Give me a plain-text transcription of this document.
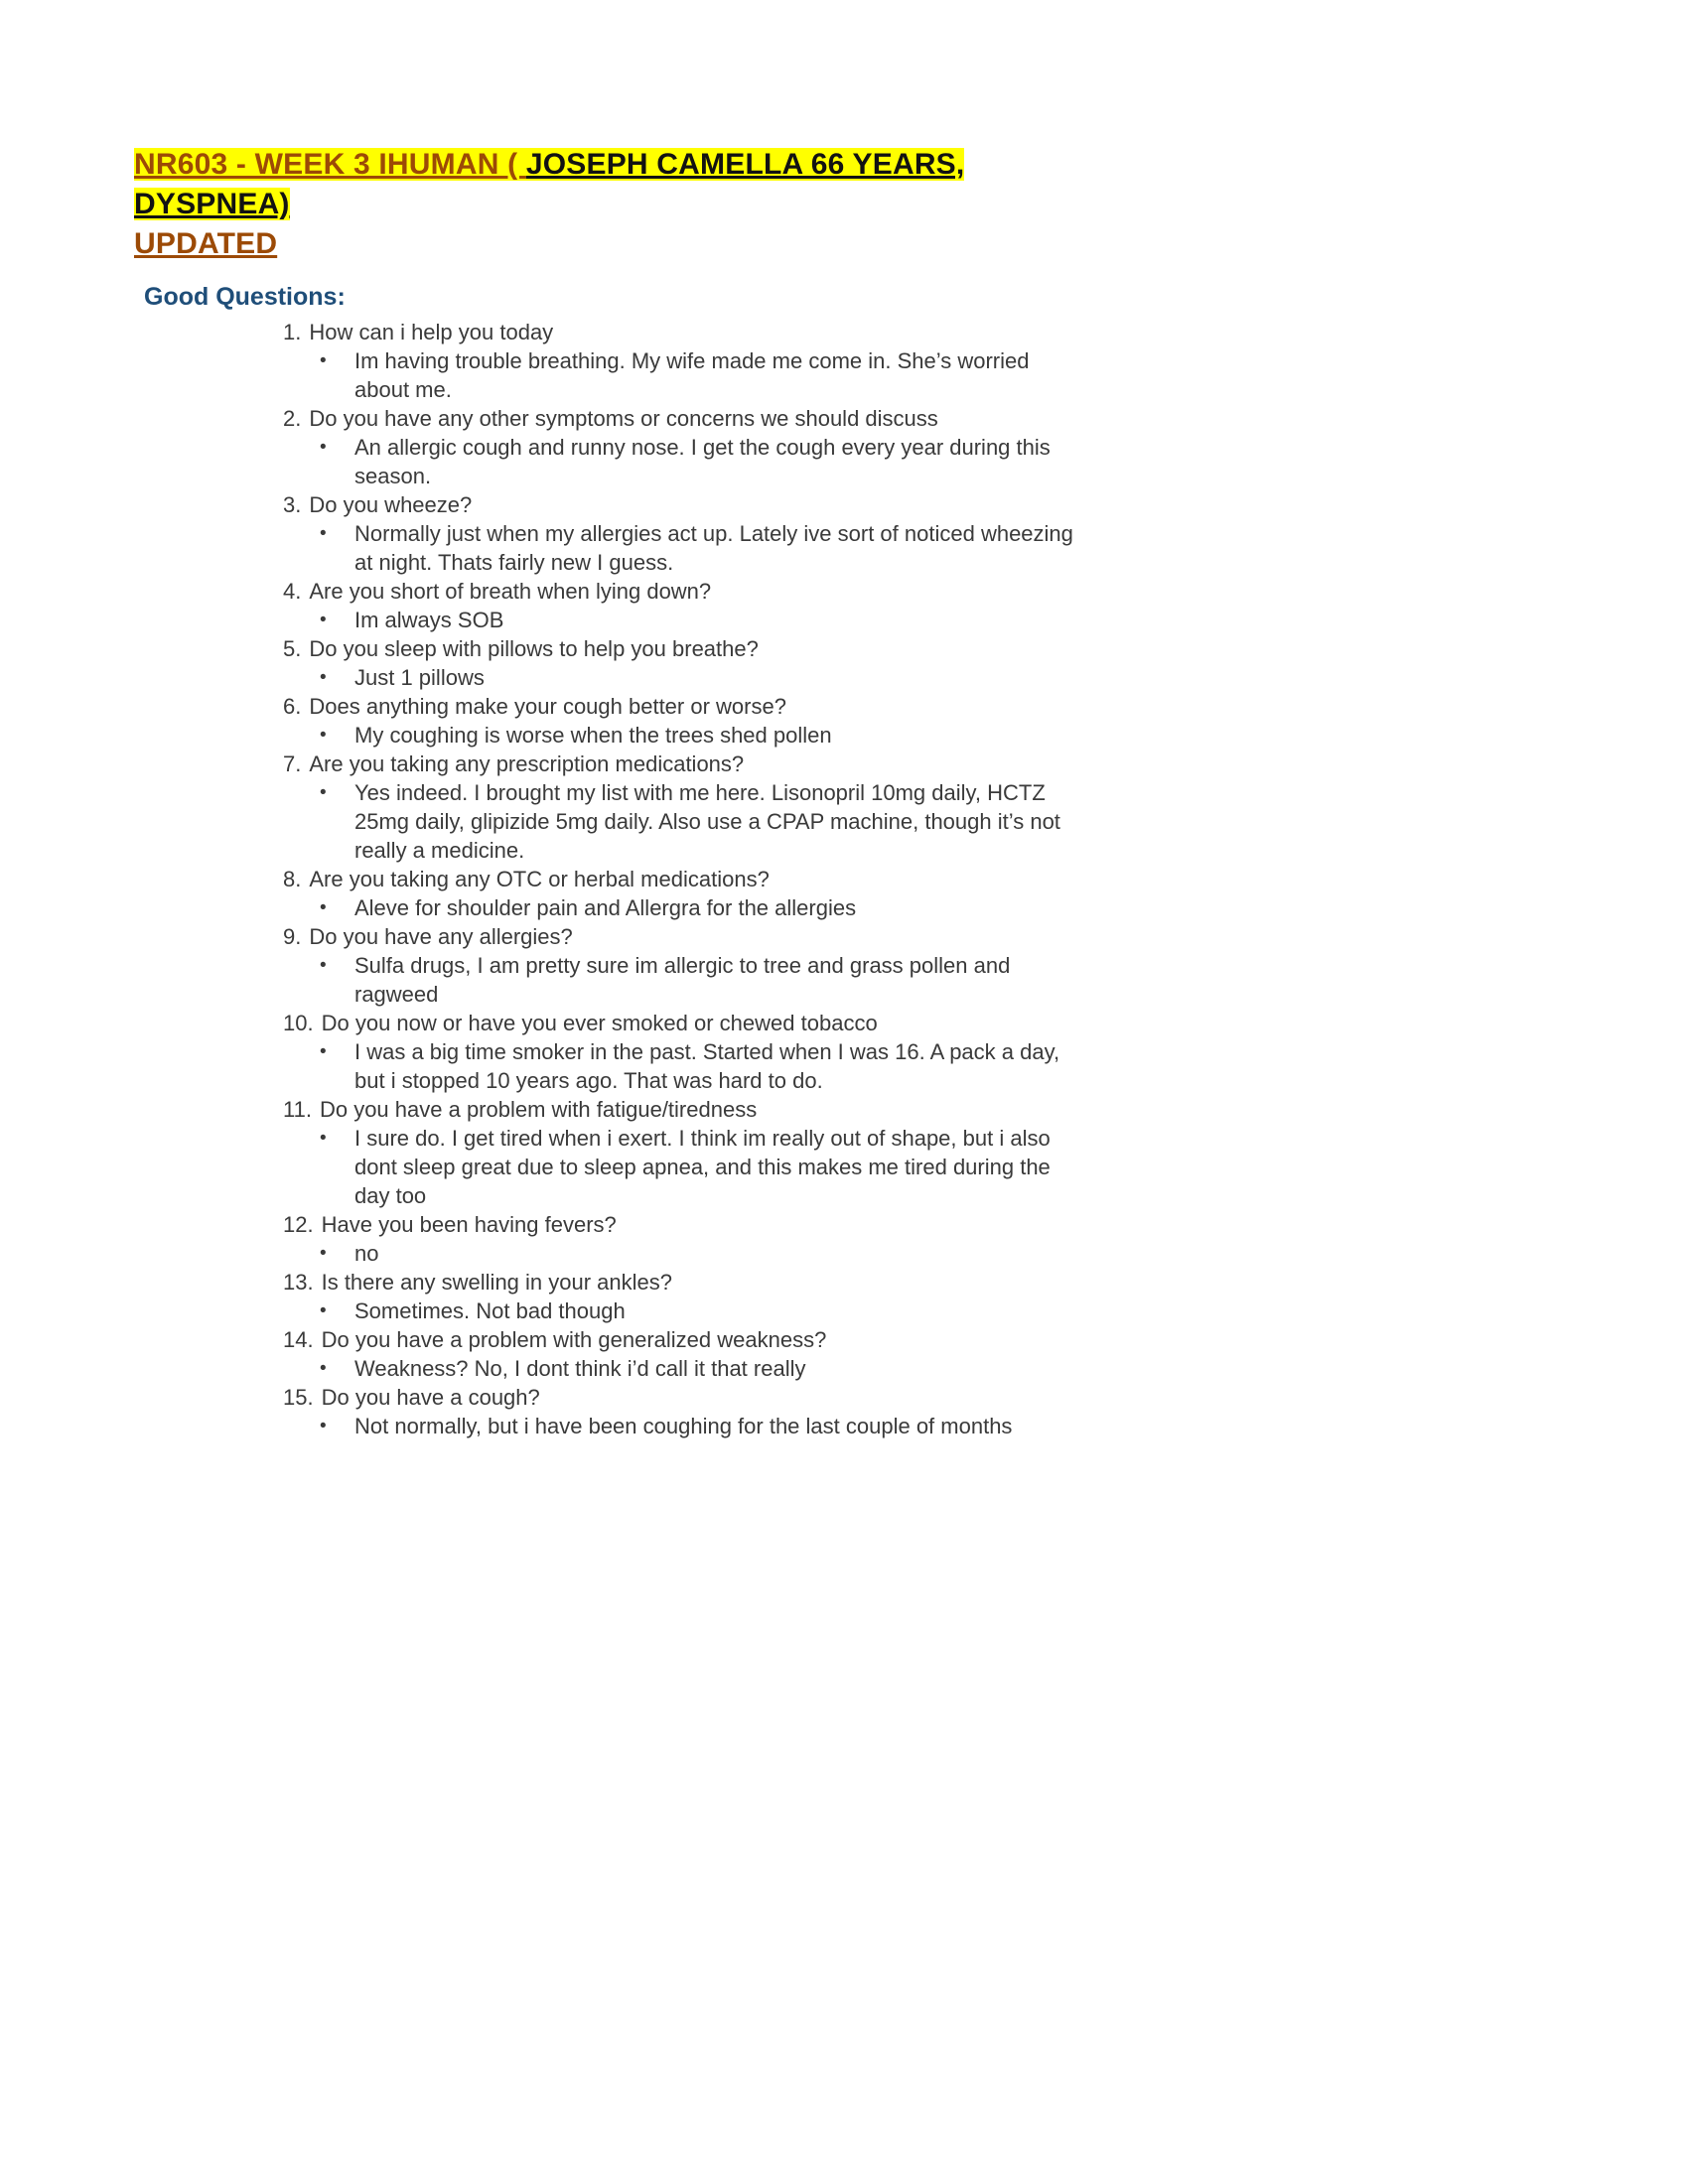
NR603 - WEEK 3 IHUMAN ( JOSEPH CAMELLA 66 YEARS, DYSPNEA)
UPDATED
Good Questions:
1. How can i help you today
•	Im having trouble breathing. My wife made me come in. She’s worried about me.
2. Do you have any other symptoms or concerns we should discuss
•	An allergic cough and runny nose. I get the cough every year during this season.
3. Do you wheeze?
•	Normally just when my allergies act up. Lately ive sort of noticed wheezing at night. Thats fairly new I guess.
4. Are you short of breath when lying down?
•	Im always SOB
5. Do you sleep with pillows to help you breathe?
•	Just 1 pillows
6. Does anything make your cough better or worse?
•	My coughing is worse when the trees shed pollen
7. Are you taking any prescription medications?
•	Yes indeed. I brought my list with me here. Lisonopril 10mg daily, HCTZ 25mg daily, glipizide 5mg daily. Also use a CPAP machine, though it’s not really a medicine.
8. Are you taking any OTC or herbal medications?
•	Aleve for shoulder pain and Allergra for the allergies
9. Do you have any allergies?
•	Sulfa drugs, I am pretty sure im allergic to tree and grass pollen and ragweed
10. Do you now or have you ever smoked or chewed tobacco
•	I was a big time smoker in the past. Started when I was 16. A pack a day, but i stopped 10 years ago. That was hard to do.
11. Do you have a problem with fatigue/tiredness
•	I sure do. I get tired when i exert. I think im really out of shape, but i also dont sleep great due to sleep apnea, and this makes me tired during the day too
12. Have you been having fevers?
•	no
13. Is there any swelling in your ankles?
•	Sometimes. Not bad though
14. Do you have a problem with generalized weakness?
•	Weakness? No, I dont think i’d call it that really
15. Do you have a cough?
•	Not normally, but i have been coughing for the last couple of months
